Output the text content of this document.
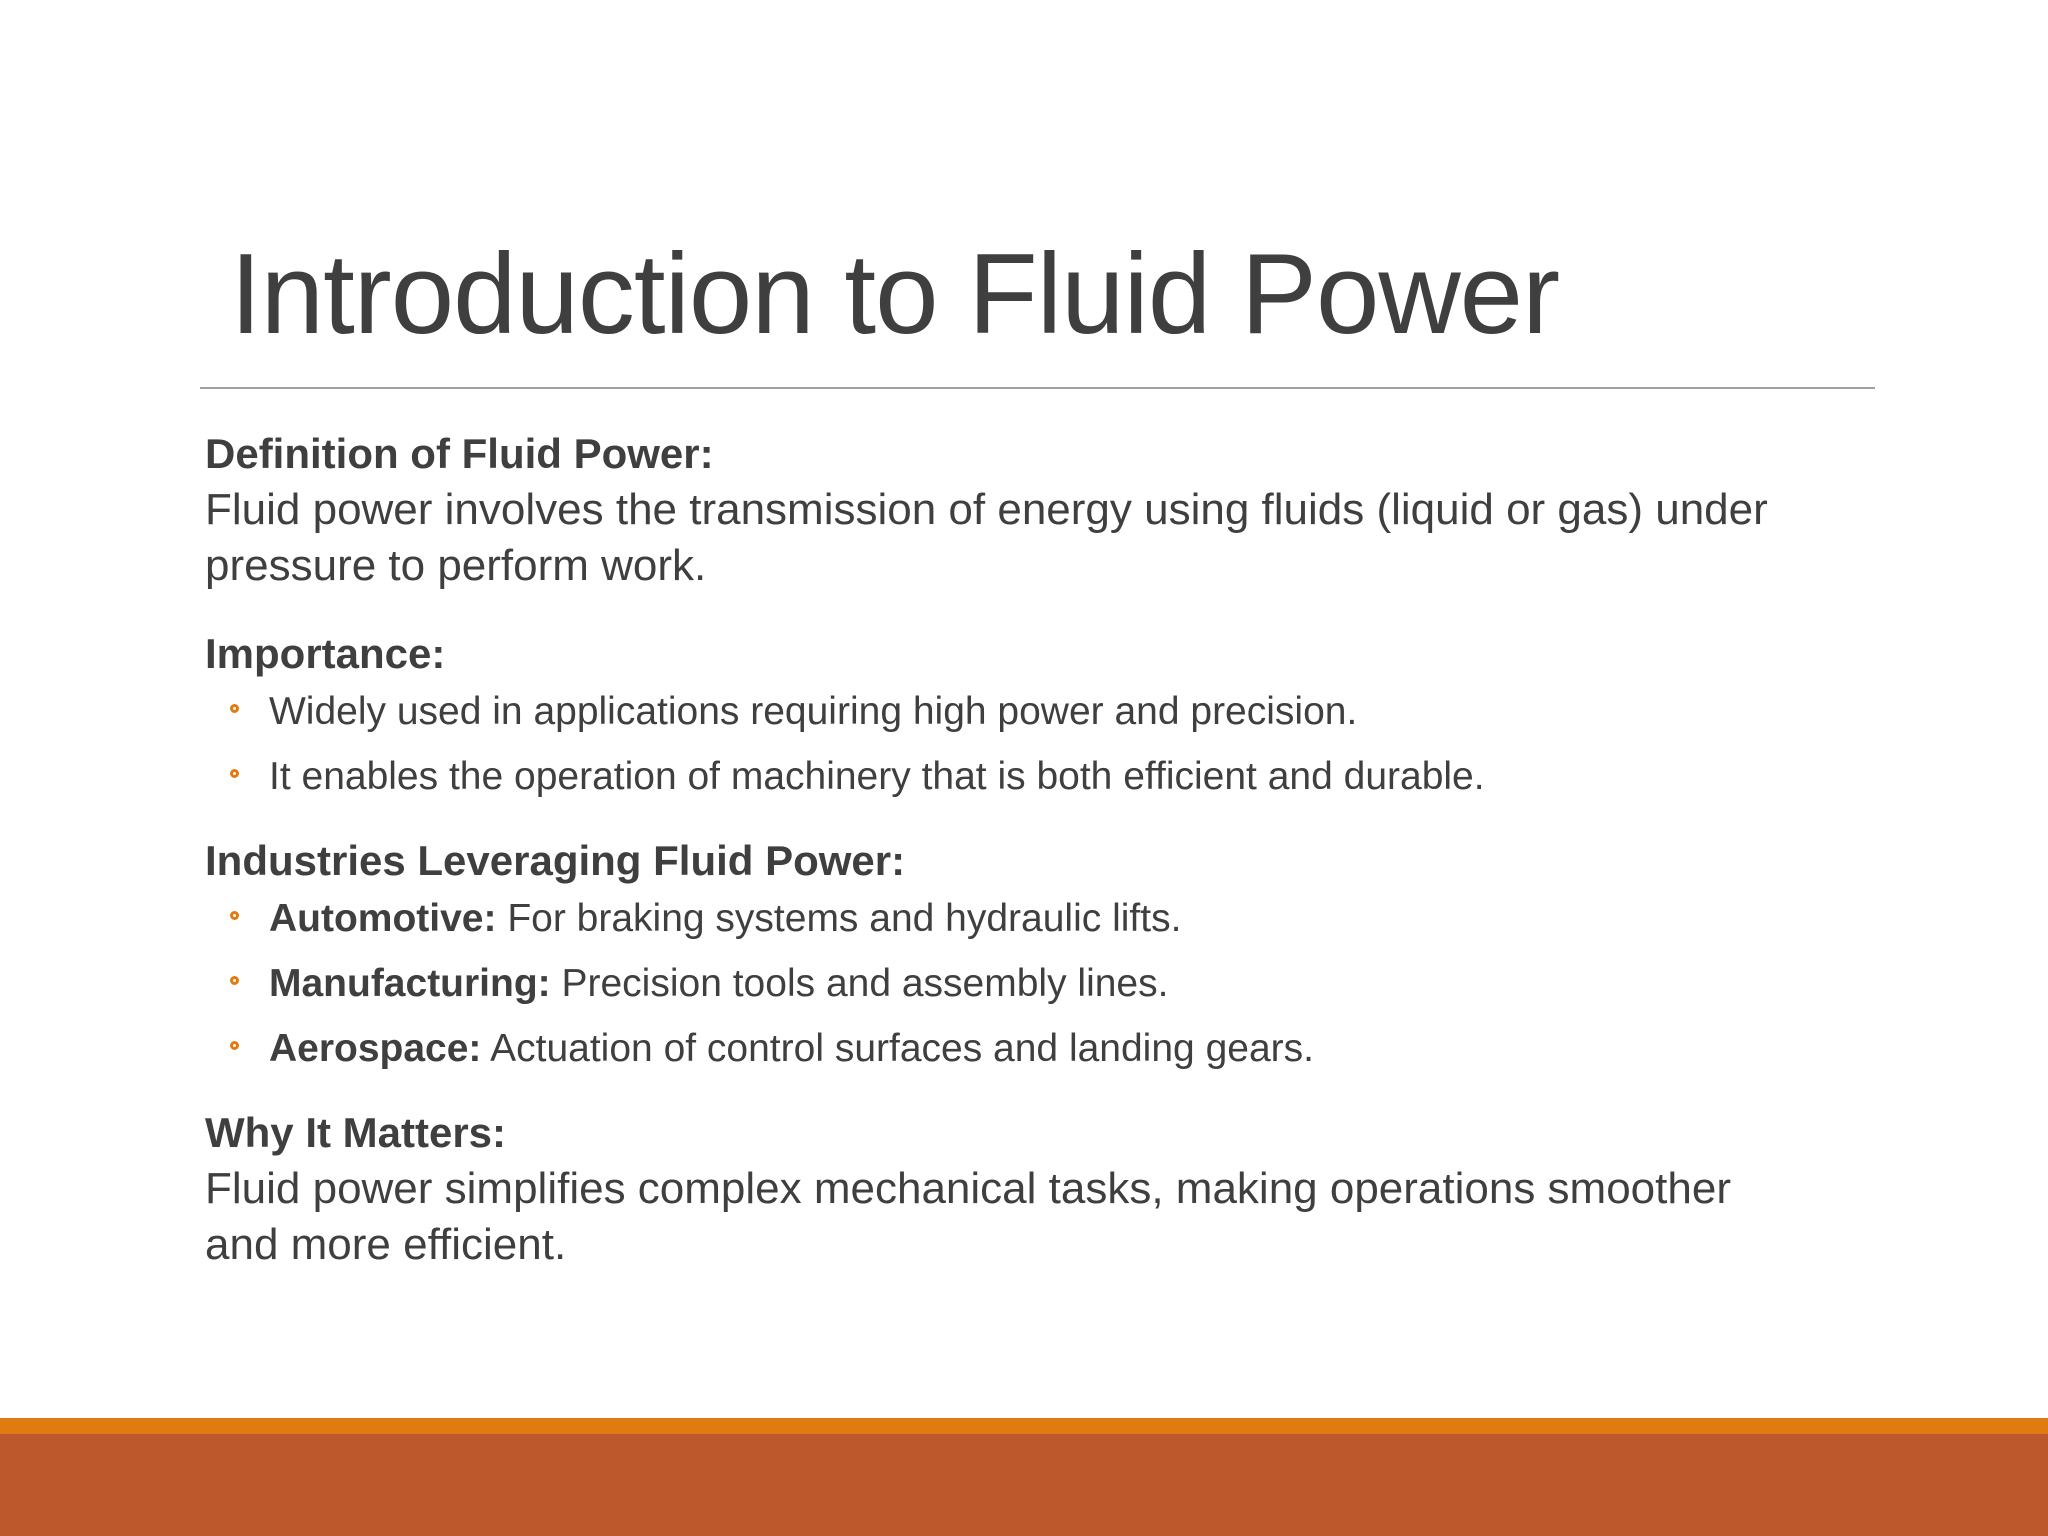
Introduction to Fluid Power
Definition of Fluid Power:

Fluid power involves the transmission of energy using fluids (liquid or gas) under
pressure to perform work.

Importance:
Widely used in applications requiring high power and precision.
It enables the operation of machinery that is both efficient and durable.
Industries Leveraging Fluid Power:
Automotive: For braking systems and hydraulic lifts.
Manufacturing: Precision tools and assembly lines.
Aerospace: Actuation of control surfaces and landing gears.
Why It Matters:

Fluid power simplifies complex mechanical tasks, making operations smoother
and more efficient.
